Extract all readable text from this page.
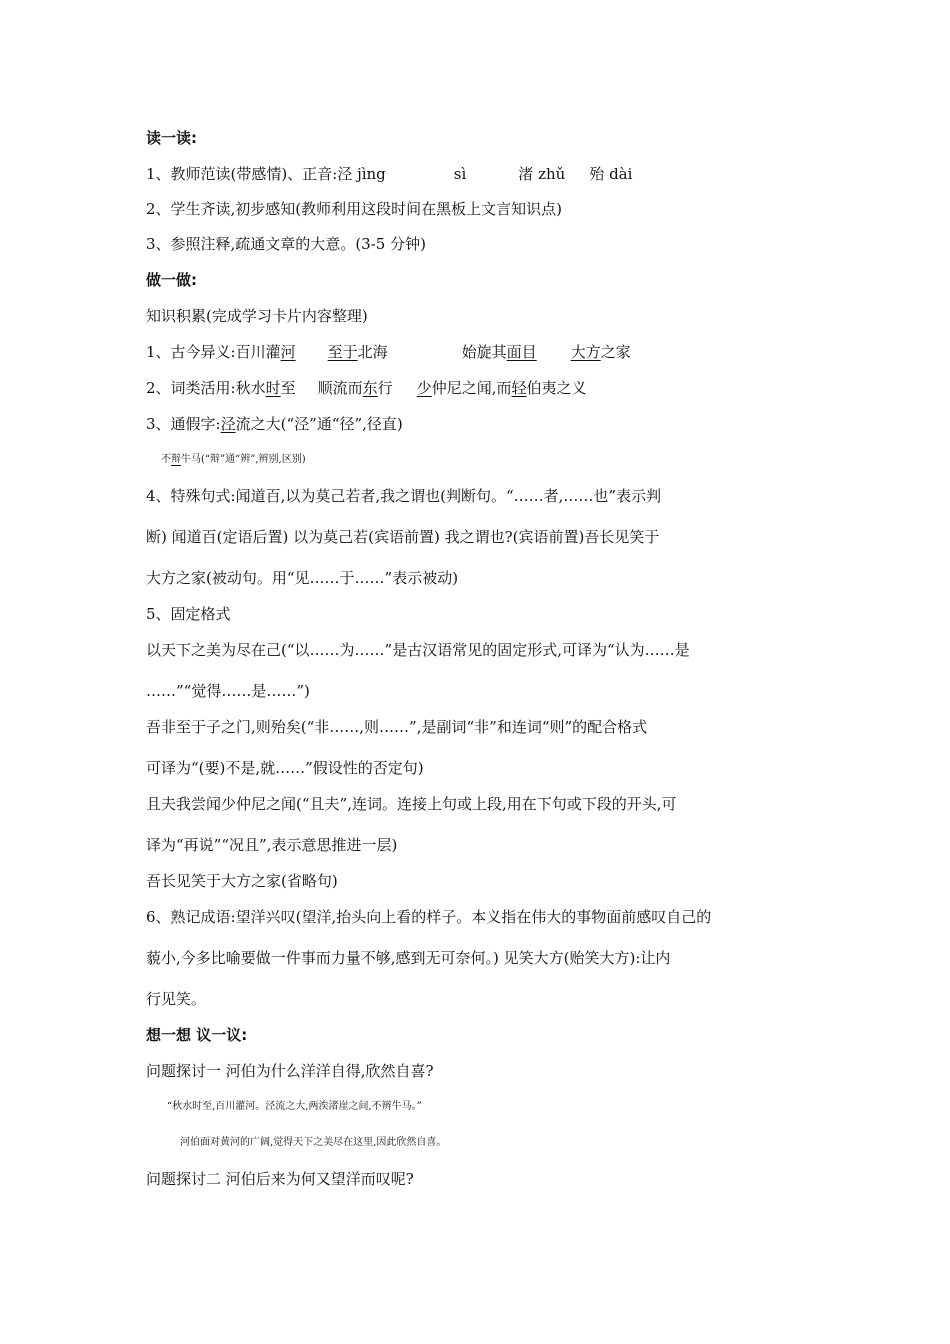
读一读:
1、教师范读(带感情)、正音:泾 jìng	sì	渚 zhǔ 殆 dài
2、学生齐读,初步感知(教师利用这段时间在黑板上文言知识点)
3、参照注释,疏通文章的大意。(3-5 分钟)
做一做:
知识积累(完成学习卡片内容整理)
1、古今异义:百川灌河 至于北海	始旋其面目 大方之家
2、词类活用:秋水时至 顺流而东行 少仲尼之闻,而轻伯夷之义
3、通假字:泾流之大(“泾”通“径”,径直)
不辩牛马(“辩”通“辨”,辨别,区别)
4、特殊句式:闻道百,以为莫己若者,我之谓也(判断句。“……者,……也”表示判
断) 闻道百(定语后置) 以为莫己若(宾语前置) 我之谓也?(宾语前置)吾长见笑于
大方之家(被动句。用“见……于……”表示被动)
5、固定格式
以天下之美为尽在己(“以……为……”是古汉语常见的固定形式,可译为“认为……是
……”“觉得……是……”)
吾非至于子之门,则殆矣(“非……,则……”,是副词“非”和连词“则”的配合格式
可译为“(要)不是,就……”假设性的否定句)
且夫我尝闻少仲尼之闻(“且夫”,连词。连接上句或上段,用在下句或下段的开头,可
译为“再说”“况且”,表示意思推进一层)
吾长见笑于大方之家(省略句)
6、熟记成语:望洋兴叹(望洋,抬头向上看的样子。本义指在伟大的事物面前感叹自己的
藐小,今多比喻要做一件事而力量不够,感到无可奈何。) 见笑大方(贻笑大方):让内
行见笑。
想一想 议一议:
问题探讨一 河伯为什么洋洋自得,欣然自喜?
“秋水时至,百川灌河。泾流之大,两涘渚崖之间,不辨牛马。”
河伯面对黄河的广阔,觉得天下之美尽在这里,因此欣然自喜。
问题探讨二 河伯后来为何又望洋而叹呢?
